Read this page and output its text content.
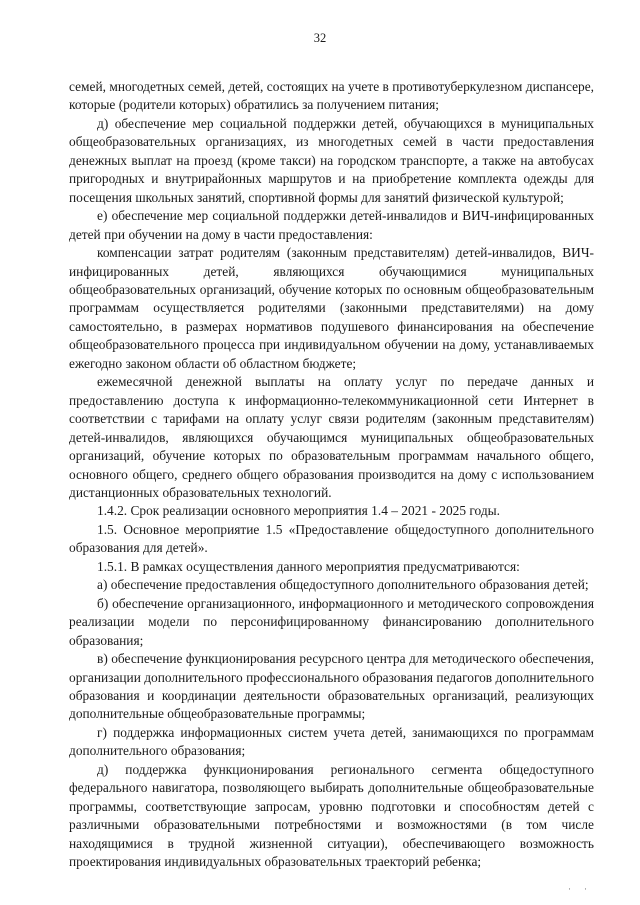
32

семей, многодетных семей, детей, состоящих на учете в противотуберкулезном диспансере, которые (родители которых) обратились за получением питания;

д) обеспечение мер социальной поддержки детей, обучающихся в муниципальных общеобразовательных организациях, из многодетных семей в части предоставления денежных выплат на проезд (кроме такси) на городском транспорте, а также на автобусах пригородных и внутрирайонных маршрутов и на приобретение комплекта одежды для посещения школьных занятий, спортивной формы для занятий физической культурой;

е) обеспечение мер социальной поддержки детей-инвалидов и ВИЧ-инфицированных детей при обучении на дому в части предоставления:

компенсации затрат родителям (законным представителям) детей-инвалидов, ВИЧ-инфицированных детей, являющихся обучающимися муниципальных общеобразовательных организаций, обучение которых по основным общеобразовательным программам осуществляется родителями (законными представителями) на дому самостоятельно, в размерах нормативов подушевого финансирования на обеспечение общеобразовательного процесса при индивидуальном обучении на дому, устанавливаемых ежегодно законом области об областном бюджете;

ежемесячной денежной выплаты на оплату услуг по передаче данных и предоставлению доступа к информационно-телекоммуникационной сети Интернет в соответствии с тарифами на оплату услуг связи родителям (законным представителям) детей-инвалидов, являющихся обучающимся муниципальных общеобразовательных организаций, обучение которых по образовательным программам начального общего, основного общего, среднего общего образования производится на дому с использованием дистанционных образовательных технологий.

1.4.2. Срок реализации основного мероприятия 1.4 – 2021 - 2025 годы.

1.5. Основное мероприятие 1.5 «Предоставление общедоступного дополнительного образования для детей».

1.5.1. В рамках осуществления данного мероприятия предусматриваются:

а) обеспечение предоставления общедоступного дополнительного образования детей;

б) обеспечение организационного, информационного и методического сопровождения реализации модели по персонифицированному финансированию дополнительного образования;

в) обеспечение функционирования ресурсного центра для методического обеспечения, организации дополнительного профессионального образования педагогов дополнительного образования и координации деятельности образовательных организаций, реализующих дополнительные общеобразовательные программы;

г) поддержка информационных систем учета детей, занимающихся по программам дополнительного образования;

д) поддержка функционирования регионального сегмента общедоступного федерального навигатора, позволяющего выбирать дополнительные общеобразовательные программы, соответствующие запросам, уровню подготовки и способностям детей с различными образовательными потребностями и возможностями (в том числе находящимися в трудной жизненной ситуации), обеспечивающего возможность проектирования индивидуальных образовательных траекторий ребенка;

· ·
